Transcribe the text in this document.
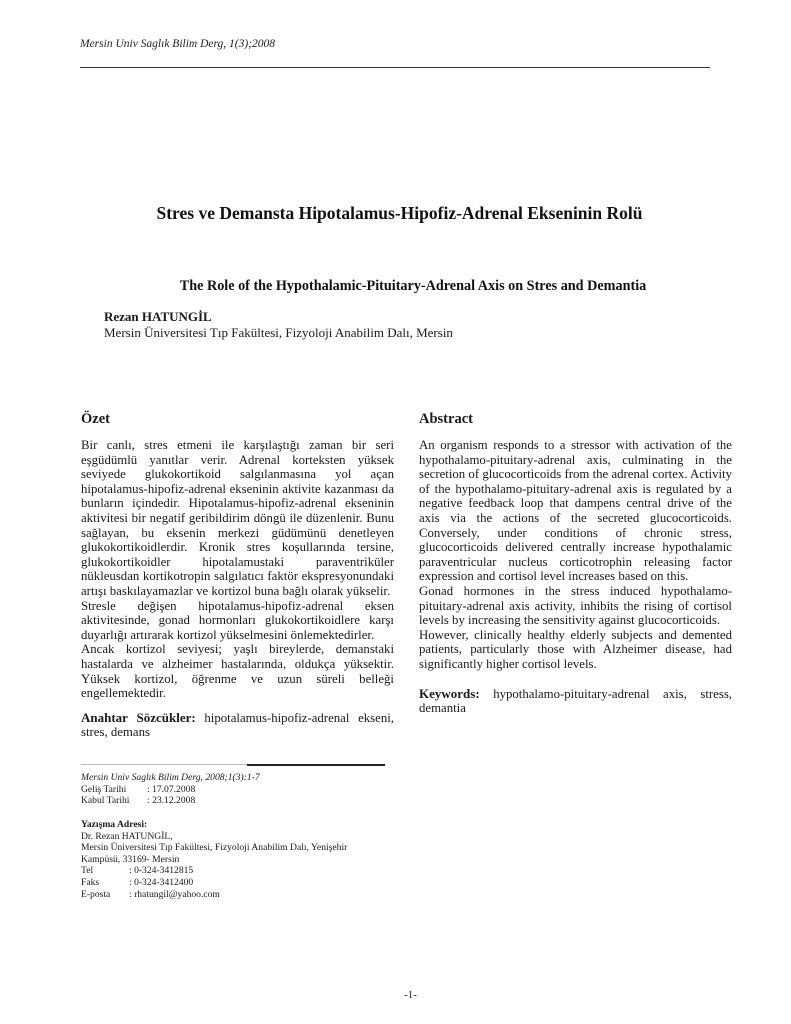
Mersin Univ Saglık Bilim Derg, 1(3);2008
Stres ve Demansta Hipotalamus-Hipofiz-Adrenal Ekseninin Rolü
The Role of the Hypothalamic-Pituitary-Adrenal Axis on Stres and Demantia
Rezan HATUNGİL
Mersin Üniversitesi Tıp Fakültesi, Fizyoloji Anabilim Dalı, Mersin
Özet

Bir canlı, stres etmeni ile karşılaştığı zaman bir seri eşgüdümlü yanıtlar verir. Adrenal korteksten yüksek seviyede glukokortikoid salgılanmasına yol açan hipotalamus-hipofiz-adrenal ekseninin aktivite kazanması da bunların içindedir. Hipotalamus-hipofiz-adrenal ekseninin aktivitesi bir negatif geribildirim döngü ile düzenlenir. Bunu sağlayan, bu eksenin merkezi güdümünü denetleyen glukokortikoidlerdir. Kronik stres koşullarında tersine, glukokortikoidler hipotalamustaki paraventriküler nükleusdan kortikotropin salgılatıcı faktör ekspresyonundaki artışı baskılayamazlar ve kortizol buna bağlı olarak yükselir.

Stresle değişen hipotalamus-hipofiz-adrenal eksen aktivitesinde, gonad hormonları glukokortikoidlere karşı duyarlığı artırarak kortizol yükselmesini önlemektedirler.

Ancak kortizol seviyesi; yaşlı bireylerde, demanstaki hastalarda ve alzheimer hastalarında, oldukça yüksektir. Yüksek kortizol, öğrenme ve uzun süreli belleği engellemektedir.

Anahtar Sözcükler: hipotalamus-hipofiz-adrenal ekseni, stres, demans

Abstract

An organism responds to a stressor with activation of the hypothalamo-pituitary-adrenal axis, culminating in the secretion of glucocorticoids from the adrenal cortex. Activity of the hypothalamo-pituitary-adrenal axis is regulated by a negative feedback loop that dampens central drive of the axis via the actions of the secreted glucocorticoids. Conversely, under conditions of chronic stress, glucocorticoids delivered centrally increase hypothalamic paraventricular nucleus corticotrophin releasing factor expression and cortisol level increases based on this.

Gonad hormones in the stress induced hypothalamo-pituitary-adrenal axis activity, inhibits the rising of cortisol levels by increasing the sensitivity against glucocorticoids.

However, clinically healthy elderly subjects and demented patients, particularly those with Alzheimer disease, had significantly higher cortisol levels.

Keywords: hypothalamo-pituitary-adrenal axis, stress, demantia

Mersin Univ Saglık Bilim Derg, 2008;1(3):1-7
Geliş Tarihi	: 17.07.2008
Kabul Tarihi	: 23.12.2008
Yazışma Adresi:
Dr. Rezan HATUNGİL,
Mersin Üniversitesi Tıp Fakültesi, Fizyoloji Anabilim Dalı, Yenişehir
Kampüsü, 33169- Mersin
Tel	: 0-324-3412815
Faks	: 0-324-3412400
E-posta	: rhatungil@yahoo.com
-1-
